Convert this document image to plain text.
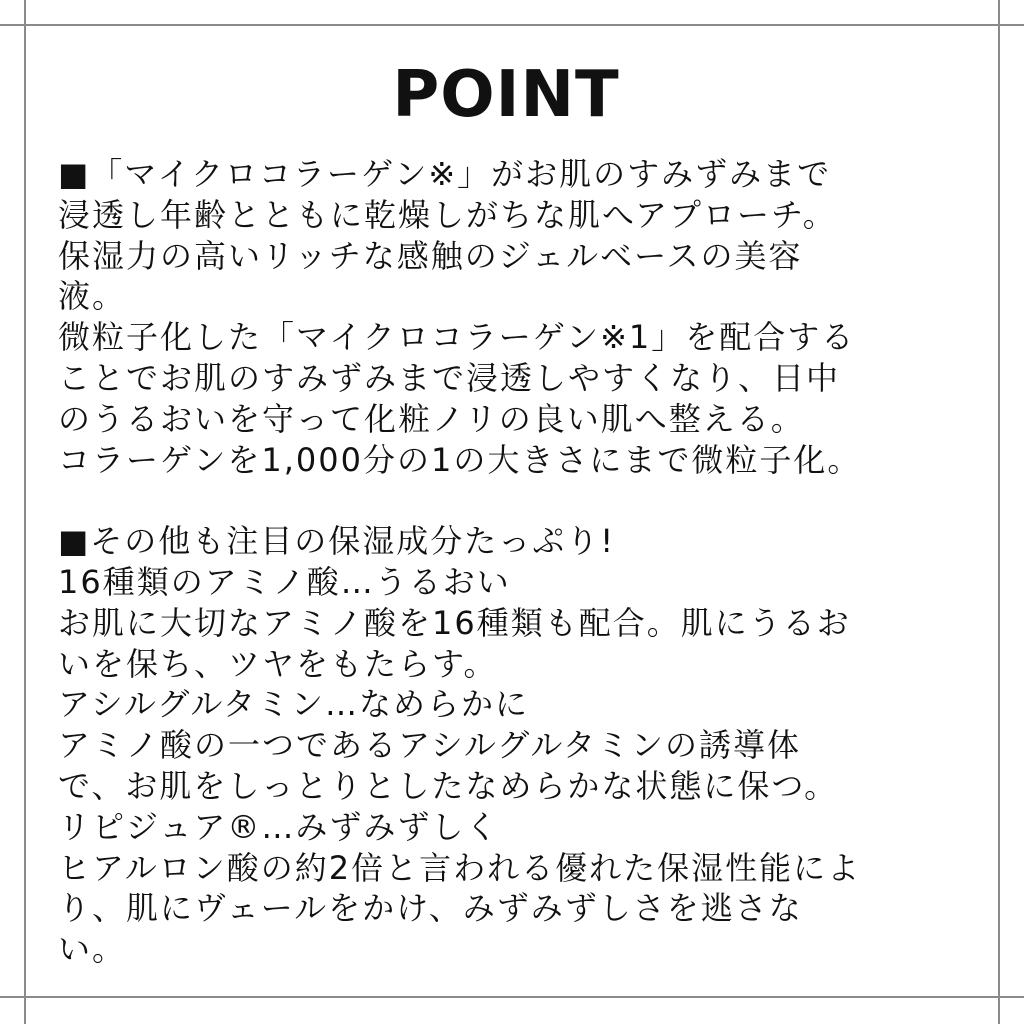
POINT

■「マイクロコラーゲン※」がお肌のすみずみまで
浸透し年齢とともに乾燥しがちな肌へアプローチ。
保湿力の高いリッチな感触のジェルベースの美容
液。
微粒子化した「マイクロコラーゲン※1」を配合する
ことでお肌のすみずみまで浸透しやすくなり、日中
のうるおいを守って化粧ノリの良い肌へ整える。
コラーゲンを1,000分の1の大きさにまで微粒子化。

■その他も注目の保湿成分たっぷり!
16種類のアミノ酸…うるおい
お肌に大切なアミノ酸を16種類も配合。肌にうるお
いを保ち、ツヤをもたらす。
アシルグルタミン…なめらかに
アミノ酸の一つであるアシルグルタミンの誘導体
で、お肌をしっとりとしたなめらかな状態に保つ。
リピジュア®…みずみずしく
ヒアルロン酸の約2倍と言われる優れた保湿性能によ
り、肌にヴェールをかけ、みずみずしさを逃さな
い。
